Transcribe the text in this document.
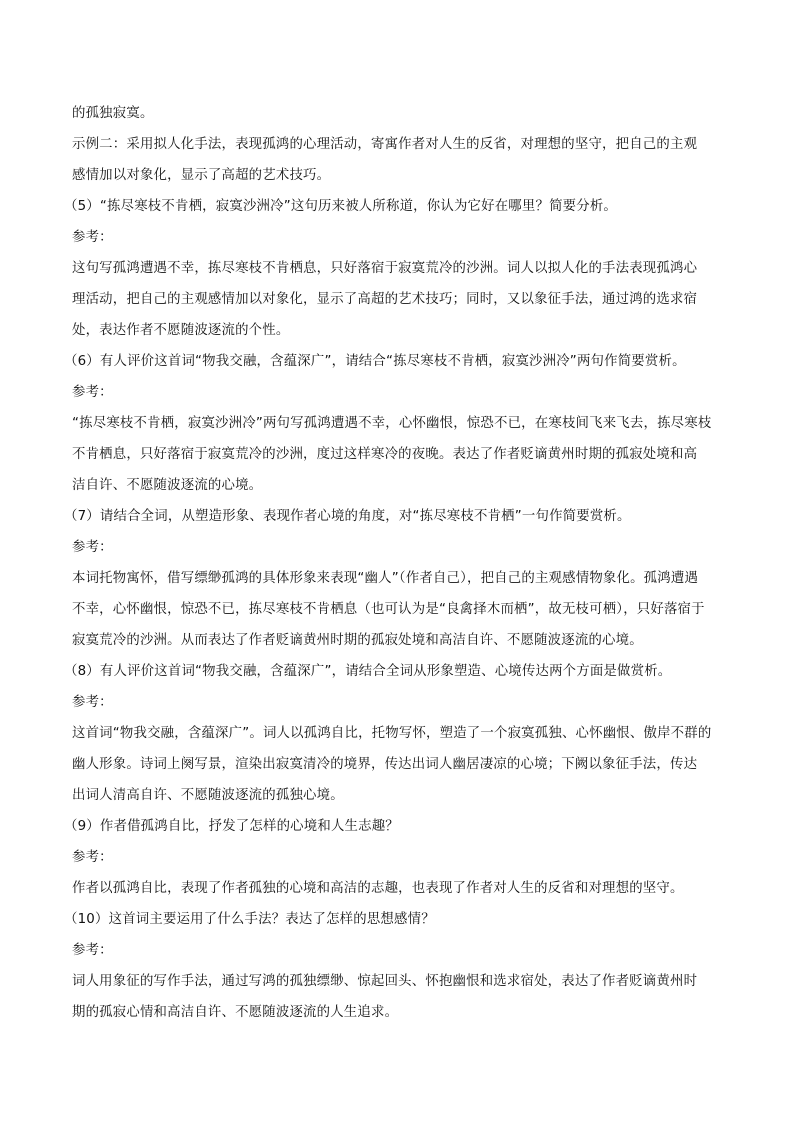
的孤独寂寞。
示例二：采用拟人化手法，表现孤鸿的心理活动，寄寓作者对人生的反省，对理想的坚守，把自己的主观
感情加以对象化，显示了高超的艺术技巧。
（5）“拣尽寒枝不肯栖，寂寞沙洲冷”这句历来被人所称道，你认为它好在哪里？简要分析。
参考：
这句写孤鸿遭遇不幸，拣尽寒枝不肯栖息，只好落宿于寂寞荒冷的沙洲。词人以拟人化的手法表现孤鸿心
理活动，把自己的主观感情加以对象化，显示了高超的艺术技巧；同时，又以象征手法，通过鸿的选求宿
处，表达作者不愿随波逐流的个性。
（6）有人评价这首词“物我交融，含蕴深广”，请结合“拣尽寒枝不肯栖，寂寞沙洲冷”两句作简要赏析。
参考：
“拣尽寒枝不肯栖，寂寞沙洲冷”两句写孤鸿遭遇不幸，心怀幽恨，惊恐不已，在寒枝间飞来飞去，拣尽寒枝
不肯栖息，只好落宿于寂寞荒冷的沙洲，度过这样寒冷的夜晚。表达了作者贬谪黄州时期的孤寂处境和高
洁自许、不愿随波逐流的心境。
（7）请结合全词，从塑造形象、表现作者心境的角度，对“拣尽寒枝不肯栖”一句作简要赏析。
参考：
本词托物寓怀，借写缥缈孤鸿的具体形象来表现“幽人”（作者自己），把自己的主观感情物象化。孤鸿遭遇
不幸，心怀幽恨，惊恐不已，拣尽寒枝不肯栖息（也可认为是“良禽择木而栖”，故无枝可栖），只好落宿于
寂寞荒冷的沙洲。从而表达了作者贬谪黄州时期的孤寂处境和高洁自许、不愿随波逐流的心境。
（8）有人评价这首词“物我交融，含蕴深广”，请结合全词从形象塑造、心境传达两个方面是做赏析。
参考：
这首词“物我交融，含蕴深广”。词人以孤鸿自比，托物写怀，塑造了一个寂寞孤独、心怀幽恨、傲岸不群的
幽人形象。诗词上阕写景，渲染出寂寞清冷的境界，传达出词人幽居凄凉的心境；下阙以象征手法，传达
出词人清高自许、不愿随波逐流的孤独心境。
（9）作者借孤鸿自比，抒发了怎样的心境和人生志趣？
参考：
作者以孤鸿自比，表现了作者孤独的心境和高洁的志趣，也表现了作者对人生的反省和对理想的坚守。
（10）这首词主要运用了什么手法？表达了怎样的思想感情？
参考：
词人用象征的写作手法，通过写鸿的孤独缥缈、惊起回头、怀抱幽恨和选求宿处，表达了作者贬谪黄州时
期的孤寂心情和高洁自许、不愿随波逐流的人生追求。
